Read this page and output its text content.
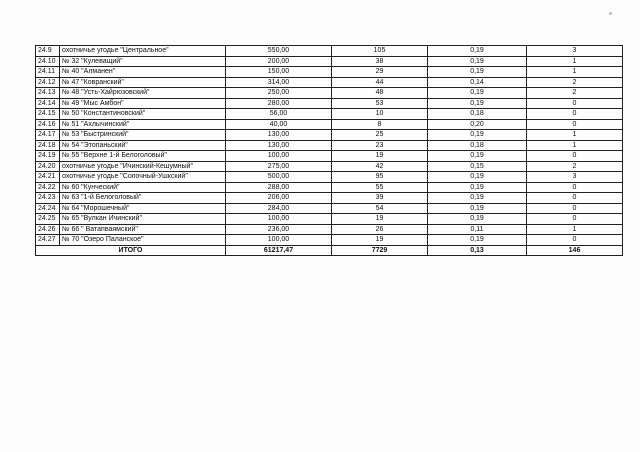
24.9	охотничье угодье "Центральное"	550,00	105	0,19	3
24.10	№ 32 "Кулеващий"	200,00	38	0,19	1
24.11	№ 40 "Алманен"	150,00	29	0,19	1
24.12	№ 47 "Ковранский"	314,00	44	0,14	2
24.13	№ 48 "Усть-Хайрюзовский"	250,00	48	0,19	2
24.14	№ 49 "Мыс Амбон"	280,00	53	0,19	0
24.15	№ 50 "Константиновский"	56,00	10	0,18	0
24.16	№ 51 "Ахлычинский"	40,00	8	0,20	0
24.17	№ 53 "Быстринский"	130,00	25	0,19	1
24.18	№ 54 "Этопаньский"	130,00	23	0,18	1
24.19	№ 55 "Верхне 1-й Белоголовый"	100,00	19	0,19	0
24.20	охотничье угодье "Ичинский-Кешумный"	275,00	42	0,15	2
24.21	охотничье угодье "Сопочный-Ушкский"	500,00	95	0,19	3
24.22	№ 60 "Кунческий"	288,00	55	0,19	0
24.23	№ 63 "1-й Белоголовый"	206,00	39	0,19	0
24.24	№ 64 "Морошечный"	284,00	54	0,19	0
24.25	№ 65 "Вулкан Ичинский"	100,00	19	0,19	0
24.26	№ 66 " Ватапваямский"	236,00	26	0,11	1
24.27	№ 70 "Озеро Паланское"	100,00	19	0,19	0
ИТОГО		61217,47	7729	0,13	146
